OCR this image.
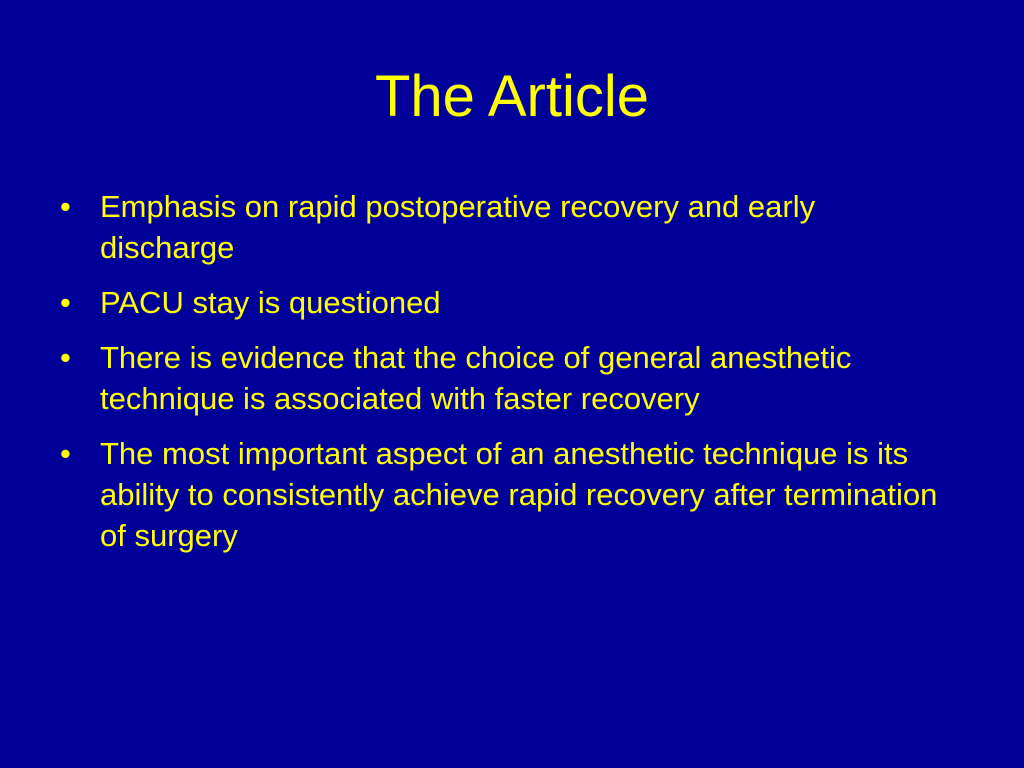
The Article
• Emphasis on rapid postoperative recovery and early discharge
• PACU stay is questioned
• There is evidence that the choice of general anesthetic technique is associated with faster recovery
• The most important aspect of an anesthetic technique is its ability to consistently achieve rapid recovery after termination of surgery
